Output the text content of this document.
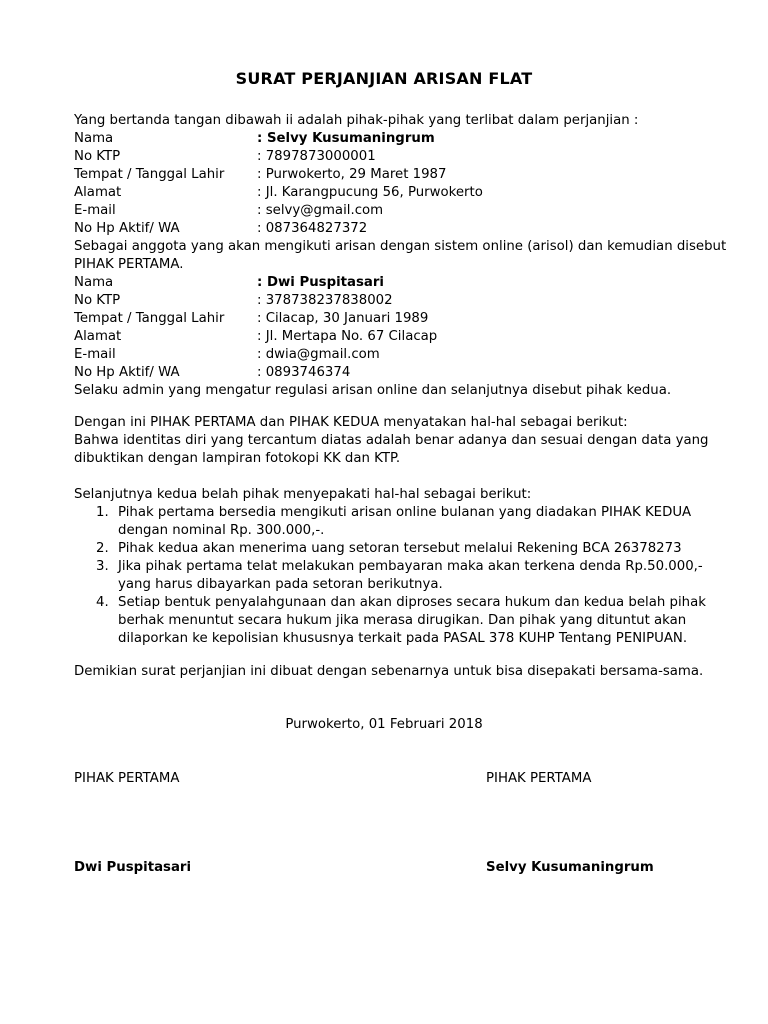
SURAT PERJANJIAN ARISAN FLAT
Yang bertanda tangan dibawah ii adalah pihak-pihak yang terlibat dalam perjanjian :
Nama	: Selvy Kusumaningrum
No KTP	: 7897873000001
Tempat / Tanggal Lahir	: Purwokerto, 29 Maret 1987
Alamat	: Jl. Karangpucung 56, Purwokerto
E-mail	: selvy@gmail.com
No Hp Aktif/ WA	: 087364827372
Sebagai anggota yang akan mengikuti arisan dengan sistem online (arisol) dan kemudian disebut
PIHAK PERTAMA.
Nama	: Dwi Puspitasari
No KTP	: 378738237838002
Tempat / Tanggal Lahir	: Cilacap, 30 Januari 1989
Alamat	: Jl. Mertapa No. 67 Cilacap
E-mail	: dwia@gmail.com
No Hp Aktif/ WA	: 0893746374
Selaku admin yang mengatur regulasi arisan online dan selanjutnya disebut pihak kedua.
Dengan ini PIHAK PERTAMA dan PIHAK KEDUA menyatakan hal-hal sebagai berikut:
Bahwa identitas diri yang tercantum diatas adalah benar adanya dan sesuai dengan data yang
dibuktikan dengan lampiran fotokopi KK dan KTP.
Selanjutnya kedua belah pihak menyepakati hal-hal sebagai berikut:
1. Pihak pertama bersedia mengikuti arisan online bulanan yang diadakan PIHAK KEDUA
dengan nominal Rp. 300.000,-.
2. Pihak kedua akan menerima uang setoran tersebut melalui Rekening BCA 26378273
3. Jika pihak pertama telat melakukan pembayaran maka akan terkena denda Rp.50.000,-
yang harus dibayarkan pada setoran berikutnya.
4. Setiap bentuk penyalahgunaan dan akan diproses secara hukum dan kedua belah pihak
berhak menuntut secara hukum jika merasa dirugikan. Dan pihak yang dituntut akan
dilaporkan ke kepolisian khususnya terkait pada PASAL 378 KUHP Tentang PENIPUAN.
Demikian surat perjanjian ini dibuat dengan sebenarnya untuk bisa disepakati bersama-sama.
Purwokerto, 01 Februari 2018
PIHAK PERTAMA	PIHAK PERTAMA
Dwi Puspitasari	Selvy Kusumaningrum
